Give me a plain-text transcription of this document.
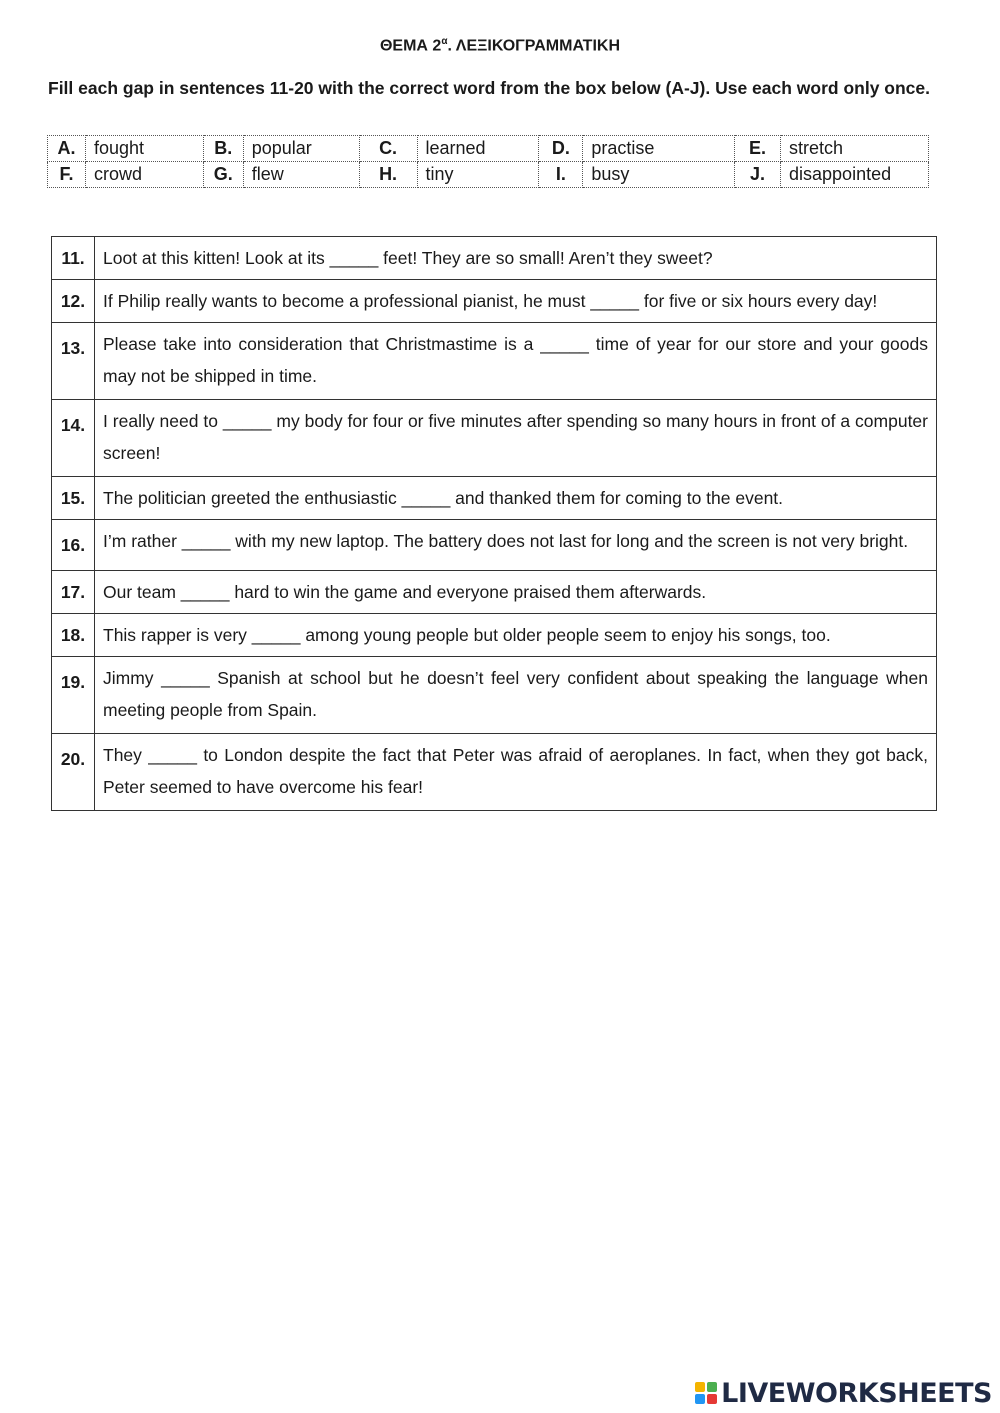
ΘΕΜΑ $2^\alpha$. ΛΕΞΙΚΟΓΡΑΜΜΑΤΙΚΗ
Fill each gap in sentences 11-20 with the correct word from the box below (A-J). Use each word only once.
A.	fought	B.	popular	C.	learned	D.	practise	E.	stretch
F.	crowd	G.	flew	H.	tiny	I.	busy	J.	disappointed
11.	Loot at this kitten! Look at its _____ feet! They are so small! Aren’t they sweet?
12.	If Philip really wants to become a professional pianist, he must _____ for five or six hours every day!
13.	Please take into consideration that Christmastime is a _____ time of year for our store and your goods may not be shipped in time.
14.	I really need to _____ my body for four or five minutes after spending so many hours in front of a computer screen!
15.	The politician greeted the enthusiastic _____ and thanked them for coming to the event.
16.	I’m rather _____ with my new laptop. The battery does not last for long and the screen is not very bright.
17.	Our team _____ hard to win the game and everyone praised them afterwards.
18.	This rapper is very _____ among young people but older people seem to enjoy his songs, too.
19.	Jimmy _____ Spanish at school but he doesn’t feel very confident about speaking the language when meeting people from Spain.
20.	They _____ to London despite the fact that Peter was afraid of aeroplanes. In fact, when they got back, Peter seemed to have overcome his fear!
LIVEWORKSHEETS
